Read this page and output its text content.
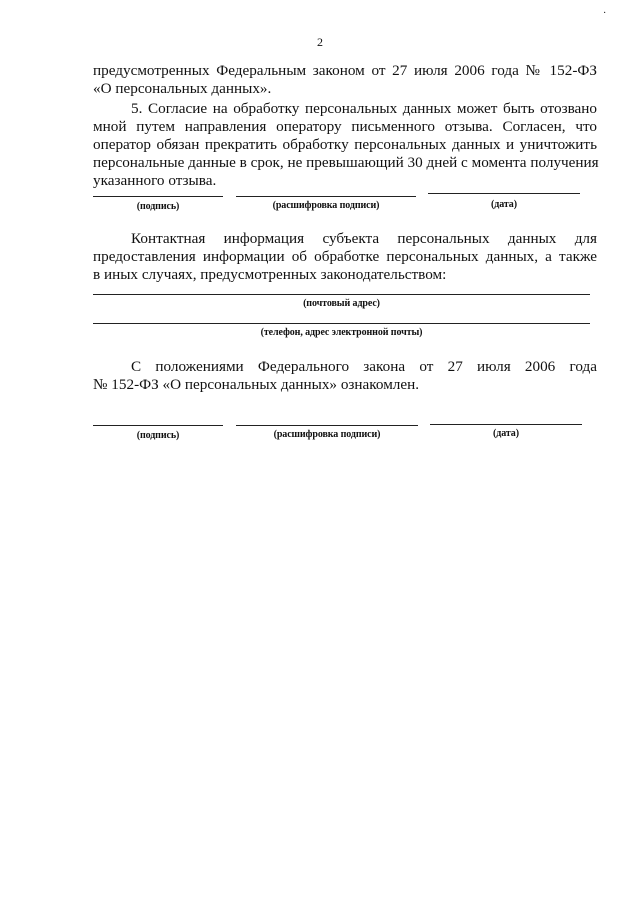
2
·
предусмотренных Федеральным законом от 27 июля 2006 года № 152-ФЗ
«О персональных данных».
5. Согласие на обработку персональных данных может быть отозвано
мной путем направления оператору письменного отзыва. Согласен, что
оператор обязан прекратить обработку персональных данных и уничтожить
персональные данные в срок, не превышающий 30 дней с момента получения
указанного отзыва.
(подпись)	(расшифровка подписи)	(дата)
Контактная информация субъекта персональных данных для
предоставления информации об обработке персональных данных, а также
в иных случаях, предусмотренных законодательством:
(почтовый адрес)
(телефон, адрес электронной почты)
С положениями Федерального закона от 27 июля 2006 года
№ 152-ФЗ «О персональных данных» ознакомлен.
(подпись)	(расшифровка подписи)	(дата)
